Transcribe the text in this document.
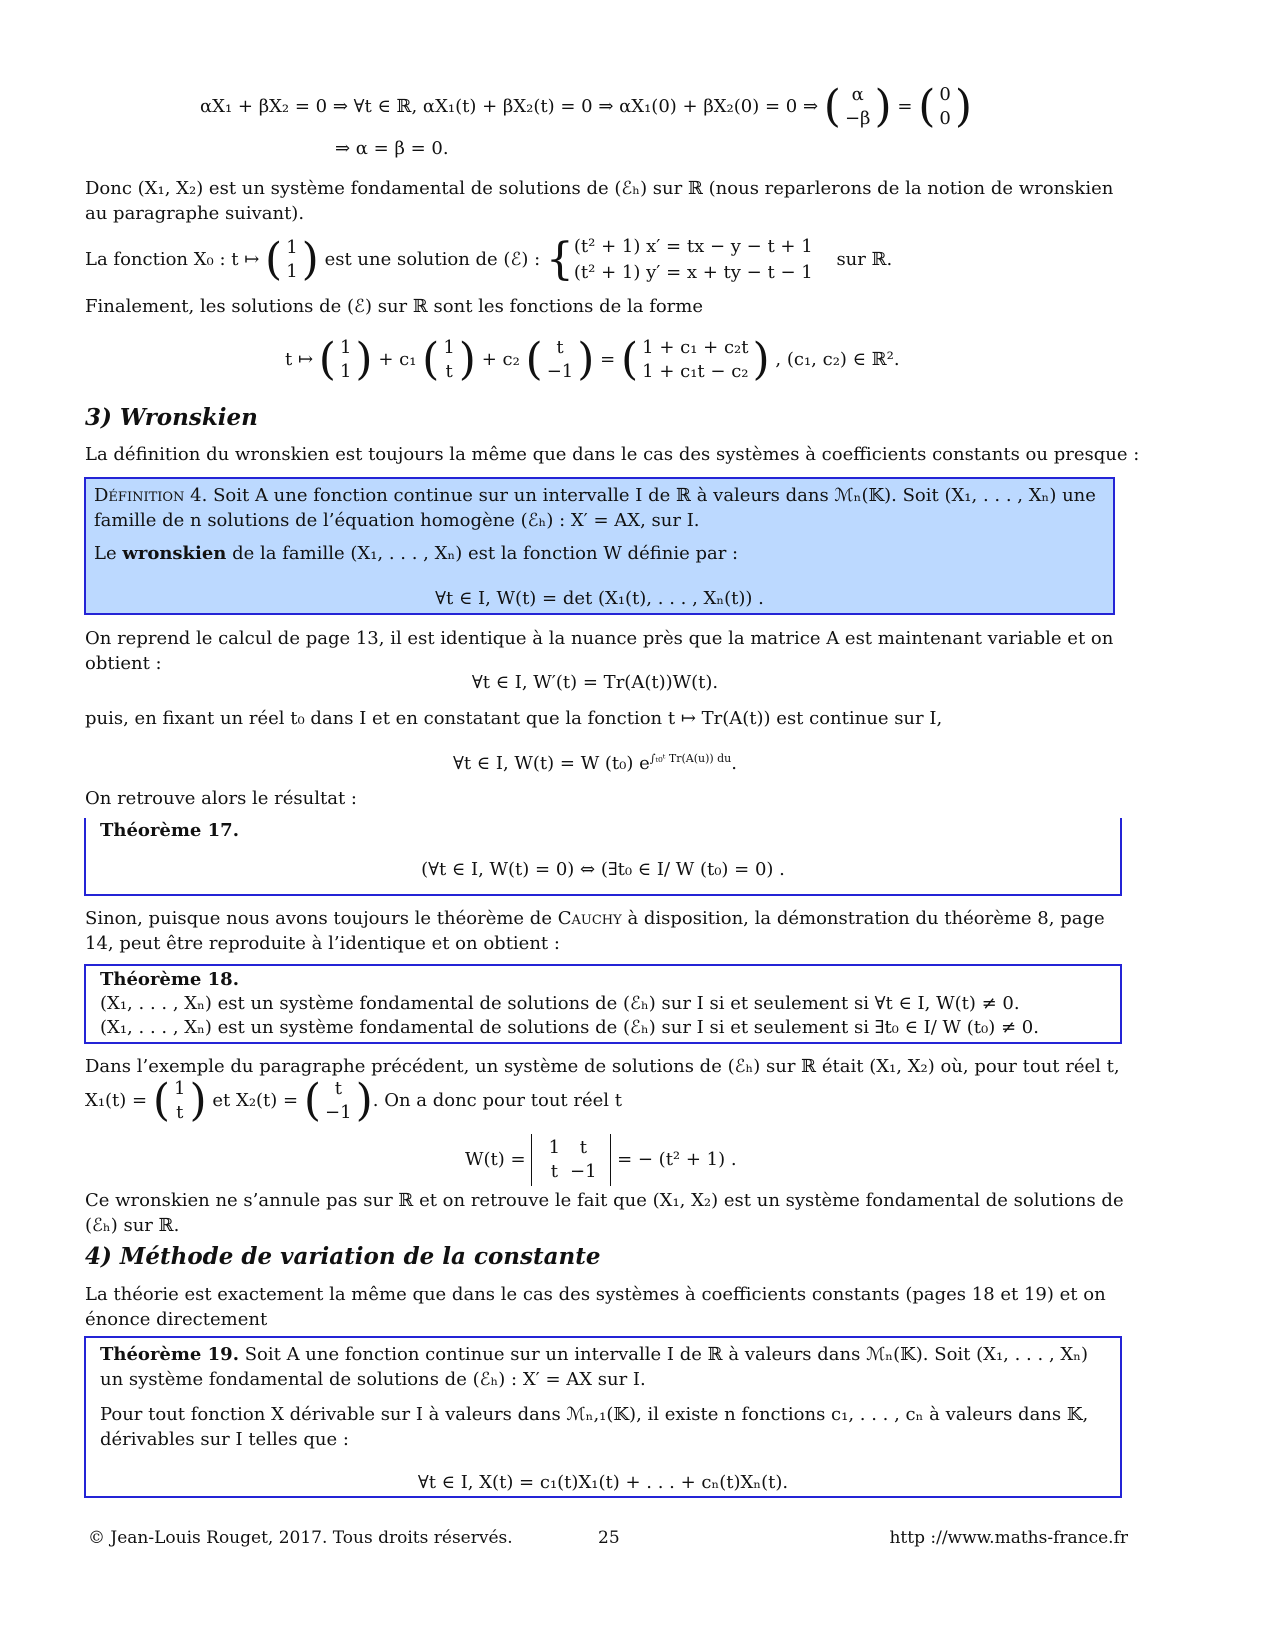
αX₁ + βX₂ = 0 ⇒ ∀t ∈ ℝ, αX₁(t) + βX₂(t) = 0 ⇒ αX₁(0) + βX₂(0) = 0 ⇒ ( α
−β) = ( 0
0)
⇒ α = β = 0.

Donc (X₁, X₂) est un système fondamental de solutions de (ℰₕ) sur ℝ (nous reparlerons de la notion de wronskien au paragraphe suivant).

La fonction X₀ : t ↦ ( 1
1) est une solution de (ℰ) : {(t² + 1) x′ = tx − y − t + 1
(t² + 1) y′ = x + ty − t − 1 sur ℝ.

Finalement, les solutions de (ℰ) sur ℝ sont les fonctions de la forme

t ↦ ( 1
1) + c₁ ( 1
t ) + c₂ ( t
−1) = ( 1 + c₁ + c₂t
1 + c₁t − c₂) , (c₁, c₂) ∈ ℝ².
3) Wronskien

La définition du wronskien est toujours la même que dans le cas des systèmes à coefficients constants ou presque :

Définition 4. Soit A une fonction continue sur un intervalle I de ℝ à valeurs dans ℳₙ(𝕂). Soit (X₁, . . . , Xₙ) une famille de n solutions de l’équation homogène (ℰₕ) : X′ = AX, sur I.

Le wronskien de la famille (X₁, . . . , Xₙ) est la fonction W définie par :

∀t ∈ I, W(t) = det (X₁(t), . . . , Xₙ(t)) .

On reprend le calcul de page 13, il est identique à la nuance près que la matrice A est maintenant variable et on obtient :

∀t ∈ I, W′(t) = Tr(A(t))W(t).

puis, en fixant un réel t₀ dans I et en constatant que la fonction t ↦ Tr(A(t)) est continue sur I,

∀t ∈ I, W(t) = W (t₀) $e^{\int_{t0}ᵗ Tr(A(u)) du}$.

On retrouve alors le résultat :

Théorème 17.
(∀t ∈ I, W(t) = 0) ⇔ (∃t₀ ∈ I/ W (t₀) = 0) .

Sinon, puisque nous avons toujours le théorème de Cauchy à disposition, la démonstration du théorème 8, page 14, peut être reproduite à l’identique et on obtient :

Théorème 18.
(X₁, . . . , Xₙ) est un système fondamental de solutions de (ℰₕ) sur I si et seulement si ∀t ∈ I, W(t) ≠ 0.
(X₁, . . . , Xₙ) est un système fondamental de solutions de (ℰₕ) sur I si et seulement si ∃t₀ ∈ I/ W (t₀) ≠ 0.

Dans l’exemple du paragraphe précédent, un système de solutions de (ℰₕ) sur ℝ était (X₁, X₂) où, pour tout réel t,

X₁(t) = ( 1
t ) et X₂(t) = ( t
−1). On a donc pour tout réel t
W(t) = 1 t
t −1 = − (t² + 1) .

Ce wronskien ne s’annule pas sur ℝ et on retrouve le fait que (X₁, X₂) est un système fondamental de solutions de (ℰₕ) sur ℝ.

4) Méthode de variation de la constante

La théorie est exactement la même que dans le cas des systèmes à coefficients constants (pages 18 et 19) et on énonce directement

Théorème 19. Soit A une fonction continue sur un intervalle I de ℝ à valeurs dans ℳₙ(𝕂). Soit (X₁, . . . , Xₙ) un système fondamental de solutions de (ℰₕ) : X′ = AX sur I.

Pour tout fonction X dérivable sur I à valeurs dans ℳₙ,₁(𝕂), il existe n fonctions c₁, . . . , cₙ à valeurs dans 𝕂, dérivables sur I telles que :

∀t ∈ I, X(t) = c₁(t)X₁(t) + . . . + cₙ(t)Xₙ(t).
© Jean-Louis Rouget, 2017. Tous droits réservés.	25	http ://www.maths-france.fr
